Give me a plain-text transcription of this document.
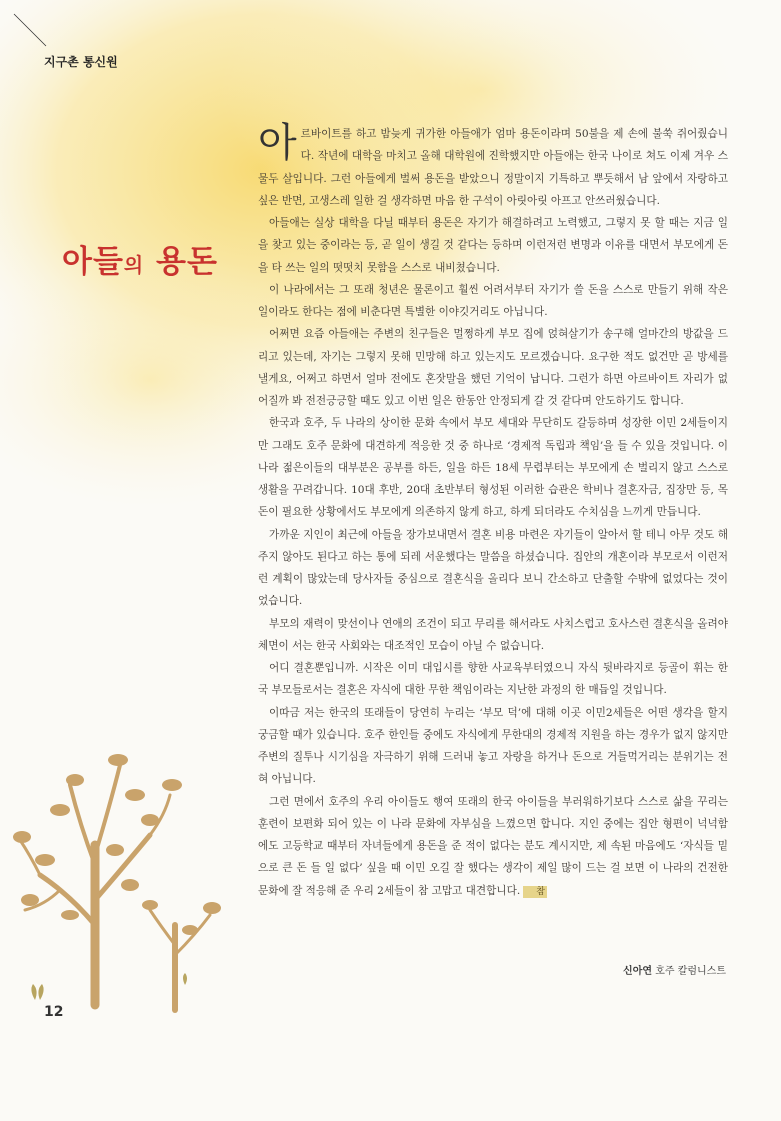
지구촌 통신원
아들의 용돈

아르바이트를 하고 밤늦게 귀가한 아들애가 엄마 용돈이라며 50불을 제 손에 불쑥 쥐어줬습니다. 작년에 대학을 마치고 올해 대학원에 진학했지만 아들애는 한국 나이로 쳐도 이제 겨우 스물두 살입니다. 그런 아들에게 벌써 용돈을 받았으니 정말이지 기특하고 뿌듯해서 남 앞에서 자랑하고 싶은 반면, 고생스레 일한 걸 생각하면 마음 한 구석이 아릿아릿 아프고 안쓰러웠습니다.

아들애는 실상 대학을 다닐 때부터 용돈은 자기가 해결하려고 노력했고, 그렇지 못 할 때는 지금 일을 찾고 있는 중이라는 등, 곧 일이 생길 것 같다는 등하며 이런저런 변명과 이유를 대면서 부모에게 돈을 타 쓰는 일의 떳떳치 못함을 스스로 내비쳤습니다.

이 나라에서는 그 또래 청년은 물론이고 훨씬 어려서부터 자기가 쓸 돈을 스스로 만들기 위해 작은 일이라도 한다는 점에 비춘다면 특별한 이야깃거리도 아닙니다.

어쩌면 요즘 아들애는 주변의 친구들은 멀쩡하게 부모 집에 얹혀살기가 송구해 얼마간의 방값을 드리고 있는데, 자기는 그렇지 못해 민망해 하고 있는지도 모르겠습니다. 요구한 적도 없건만 곧 방세를 낼게요, 어쩌고 하면서 얼마 전에도 혼잣말을 했던 기억이 납니다. 그런가 하면 아르바이트 자리가 없어질까 봐 전전긍긍할 때도 있고 이번 일은 한동안 안정되게 갈 것 같다며 안도하기도 합니다.

한국과 호주, 두 나라의 상이한 문화 속에서 부모 세대와 무단히도 갈등하며 성장한 이민 2세들이지만 그래도 호주 문화에 대견하게 적응한 것 중 하나로 ‘경제적 독립과 책임’을 들 수 있을 것입니다. 이 나라 젊은이들의 대부분은 공부를 하든, 일을 하든 18세 무렵부터는 부모에게 손 벌리지 않고 스스로 생활을 꾸려갑니다. 10대 후반, 20대 초반부터 형성된 이러한 습관은 학비나 결혼자금, 집장만 등, 목돈이 필요한 상황에서도 부모에게 의존하지 않게 하고, 하게 되더라도 수치심을 느끼게 만듭니다.

가까운 지인이 최근에 아들을 장가보내면서 결혼 비용 마련은 자기들이 알아서 할 테니 아무 것도 해 주지 않아도 된다고 하는 통에 되레 서운했다는 말씀을 하셨습니다. 집안의 개혼이라 부모로서 이런저런 계획이 많았는데 당사자들 중심으로 결혼식을 올리다 보니 간소하고 단출할 수밖에 없었다는 것이었습니다.

부모의 재력이 맞선이나 연애의 조건이 되고 무리를 해서라도 사치스럽고 호사스런 결혼식을 올려야 체면이 서는 한국 사회와는 대조적인 모습이 아닐 수 없습니다.

어디 결혼뿐입니까. 시작은 이미 대입시를 향한 사교육부터였으니 자식 뒷바라지로 등골이 휘는 한국 부모들로서는 결혼은 자식에 대한 무한 책임이라는 지난한 과정의 한 매듭일 것입니다.

이따금 저는 한국의 또래들이 당연히 누리는 ‘부모 덕’에 대해 이곳 이민2세들은 어떤 생각을 할지 궁금할 때가 있습니다. 호주 한인들 중에도 자식에게 무한대의 경제적 지원을 하는 경우가 없지 않지만 주변의 질투나 시기심을 자극하기 위해 드러내 놓고 자랑을 하거나 돈으로 거들먹거리는 분위기는 전혀 아닙니다.

그런 면에서 호주의 우리 아이들도 행여 또래의 한국 아이들을 부러워하기보다 스스로 삶을 꾸리는 훈련이 보편화 되어 있는 이 나라 문화에 자부심을 느꼈으면 합니다. 지인 중에는 집안 형편이 넉넉함에도 고등학교 때부터 자녀들에게 용돈을 준 적이 없다는 분도 계시지만, 제 속된 마음에도 ‘자식들 밑으로 큰 돈 들 일 없다’ 싶을 때 이민 오길 잘 했다는 생각이 제일 많이 드는 걸 보면 이 나라의 건전한 문화에 잘 적응해 준 우리 2세들이 참 고맙고 대견합니다. 참

신아연 호주 칼럼니스트
12
